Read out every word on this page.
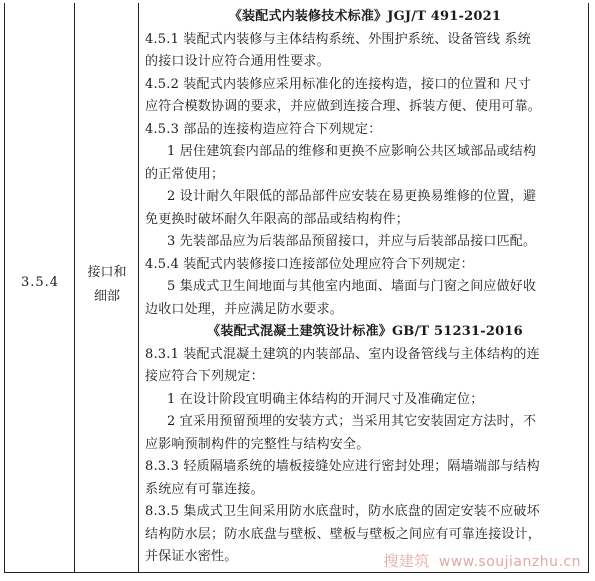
3.5.4
接口和
细部
《装配式内装修技术标准》JGJ/T 491-2021
4.5.1 装配式内装修与主体结构系统、外围护系统、设备管线 系统
的接口设计应符合通用性要求。
4.5.2 装配式内装修应采用标准化的连接构造，接口的位置和 尺寸
应符合模数协调的要求，并应做到连接合理、拆装方便、使用可靠。
4.5.3 部品的连接构造应符合下列规定：
1 居住建筑套内部品的维修和更换不应影响公共区域部品或结构
的正常使用；
2 设计耐久年限低的部品部件应安装在易更换易维修的位置，避
免更换时破坏耐久年限高的部品或结构构件；
3 先装部品应为后装部品预留接口，并应与后装部品接口匹配。
4.5.4 装配式内装修接口连接部位处理应符合下列规定：
5 集成式卫生间地面与其他室内地面、墙面与门窗之间应做好收
边收口处理，并应满足防水要求。
《装配式混凝土建筑设计标准》GB/T 51231-2016
8.3.1 装配式混凝土建筑的内装部品、室内设备管线与主体结构的连
接应符合下列规定：
1 在设计阶段宜明确主体结构的开洞尺寸及准确定位；
2 宜采用预留预埋的安装方式；当采用其它安装固定方法时，不
应影响预制构件的完整性与结构安全。
8.3.3 轻质隔墙系统的墙板接缝处应进行密封处理；隔墙端部与结构
系统应有可靠连接。
8.3.5 集成式卫生间采用防水底盘时，防水底盘的固定安装不应破坏
结构防水层；防水底盘与壁板、壁板与壁板之间应有可靠连接设计，
并保证水密性。	搜建筑 www.soujianzhu.cn
